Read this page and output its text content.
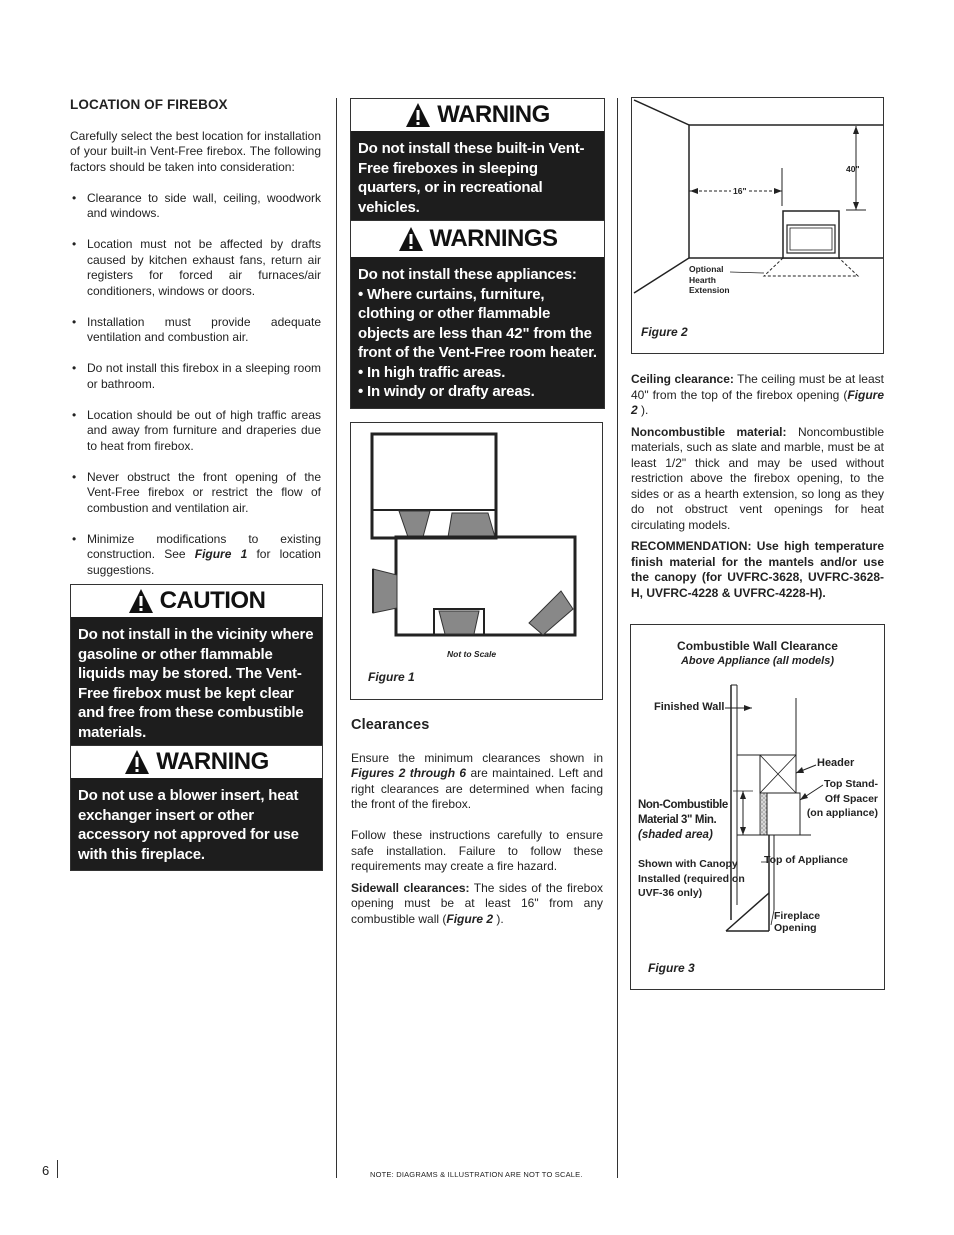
6	NOTE: DIAGRAMS & ILLUSTRATION ARE NOT TO SCALE.
LOCATION OF FIREBOX

Carefully select the best location for installation of your built-in Vent-Free firebox. The following factors should be taken into consideration:

• Clearance to side wall, ceiling, woodwork and windows.
• Location must not be affected by drafts caused by kitchen exhaust fans, return air registers for forced air furnaces/air conditioners, windows or doors.
• Installation must provide adequate ventilation and combustion air.
• Do not install this firebox in a sleeping room or bathroom.
• Location should be out of high traffic areas and away from furniture and draperies due to heat from firebox.
• Never obstruct the front opening of the Vent-Free firebox or restrict the flow of combustion and ventilation air.
• Minimize modifications to existing construction. See Figure 1 for location suggestions.
CAUTION
Do not install in the vicinity where gasoline or other flammable liquids may be stored. The Vent-Free firebox must be kept clear and free from these combustible materials.
WARNING
Do not use a blower insert, heat exchanger insert or other accessory not approved for use with this fireplace.
WARNING
Do not install these built-in Vent-Free fireboxes in sleeping quarters, or in recreational vehicles.
WARNINGS
Do not install these appliances:
• Where curtains, furniture, clothing or other flammable objects are less than 42" from the front of the Vent-Free room heater.
• In high traffic areas.
• In windy or drafty areas.
Not to Scale
Figure 1
Clearances

Ensure the minimum clearances shown in Figures 2 through 6 are maintained. Left and right clearances are determined when facing the front of the firebox.

Follow these instructions carefully to ensure safe installation. Failure to follow these requirements may create a fire hazard.

Sidewall clearances: The sides of the firebox opening must be at least 16" from any combustible wall (Figure 2 ).

40"
16"
Optional
Hearth
Extension
Figure 2

Ceiling clearance: The ceiling must be at least 40" from the top of the firebox opening (Figure 2 ).

Noncombustible material: Noncombustible materials, such as slate and marble, must be at least 1/2" thick and may be used without restriction above the firebox opening, to the sides or as a hearth extension, so long as they do not obstruct vent openings for heat circulating models.

RECOMMENDATION: Use high temperature finish material for the mantels and/or use the canopy (for UVFRC-3628, UVFRC-3628-H, UVFRC-4228 & UVFRC-4228-H).

Combustible Wall Clearance
Above Appliance (all models)
Finished Wall
Header
Top Stand-
Off Spacer
(on appliance)
Non-Combustible
Material 3" Min.
(shaded area)
Shown with Canopy
Installed (required on
UVF-36 only)
Top of Appliance
Fireplace
Opening
Figure 3
